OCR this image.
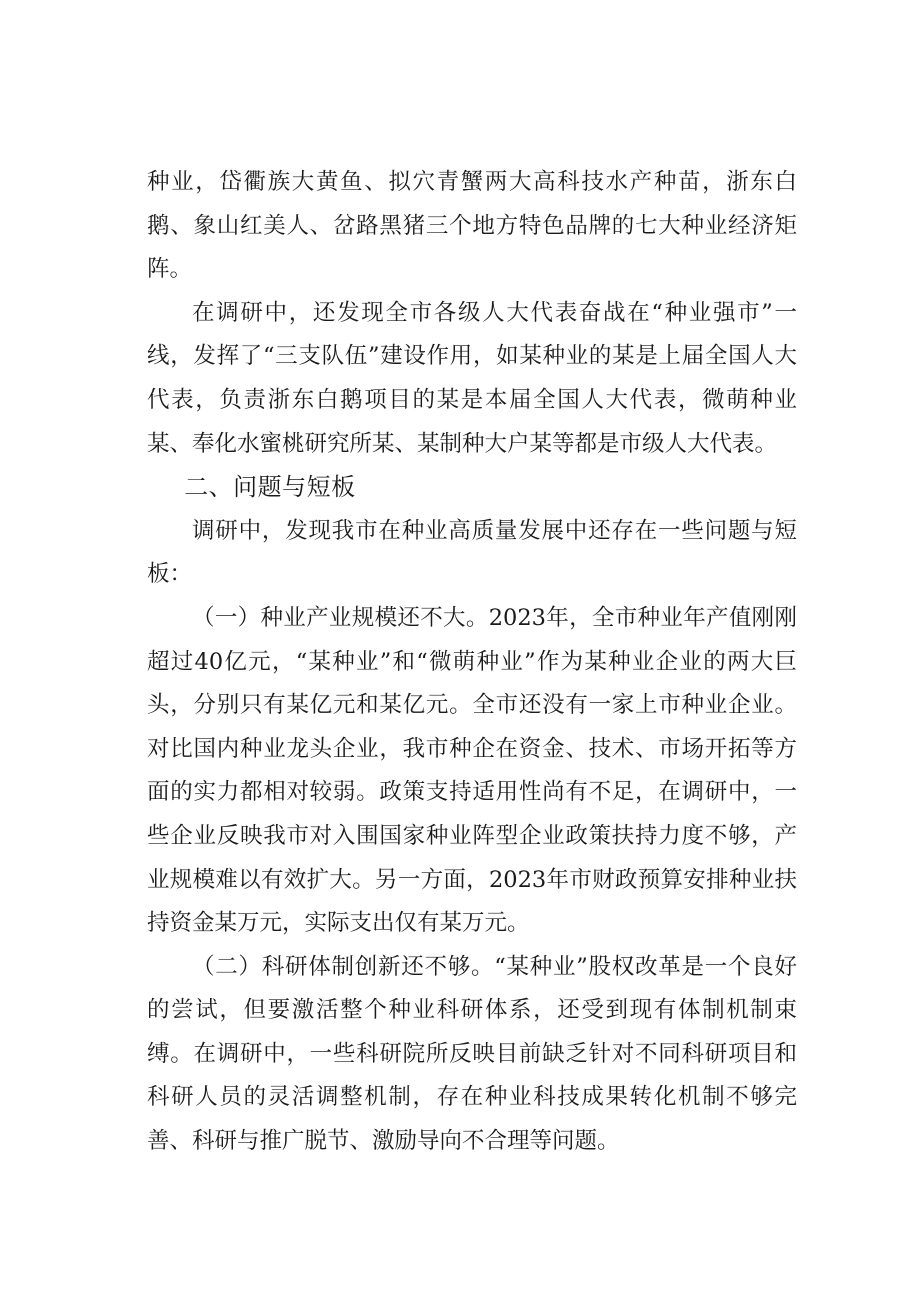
种业，岱衢族大黄鱼、拟穴青蟹两大高科技水产种苗，浙东白鹅、象山红美人、岔路黑猪三个地方特色品牌的七大种业经济矩阵。

在调研中，还发现全市各级人大代表奋战在“种业强市”一线，发挥了“三支队伍”建设作用，如某种业的某是上届全国人大代表，负责浙东白鹅项目的某是本届全国人大代表，微萌种业某、奉化水蜜桃研究所某、某制种大户某等都是市级人大代表。

二、问题与短板

调研中，发现我市在种业高质量发展中还存在一些问题与短板：

（一）种业产业规模还不大。2023年，全市种业年产值刚刚超过40亿元，“某种业”和“微萌种业”作为某种业企业的两大巨头，分别只有某亿元和某亿元。全市还没有一家上市种业企业。对比国内种业龙头企业，我市种企在资金、技术、市场开拓等方面的实力都相对较弱。政策支持适用性尚有不足，在调研中，一些企业反映我市对入围国家种业阵型企业政策扶持力度不够，产业规模难以有效扩大。另一方面，2023年市财政预算安排种业扶持资金某万元，实际支出仅有某万元。

（二）科研体制创新还不够。“某种业”股权改革是一个良好的尝试，但要激活整个种业科研体系，还受到现有体制机制束缚。在调研中，一些科研院所反映目前缺乏针对不同科研项目和科研人员的灵活调整机制，存在种业科技成果转化机制不够完善、科研与推广脱节、激励导向不合理等问题。
